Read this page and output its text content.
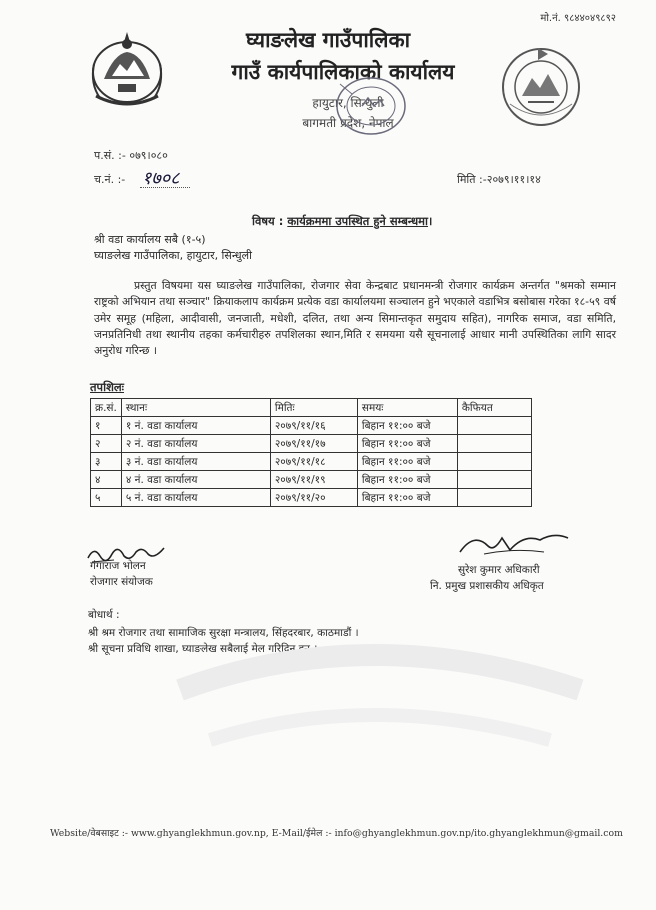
मो.नं. ९८४४०४९८९२
घ्याङलेख गाउँपालिका
गाउँ कार्यपालिकाको कार्यालय
हायुटार, सिन्धुली
बागमती प्रदेश, नेपाल
प.सं. :- ०७९।०८०
च.नं. :- १७०८	मिति :-२०७९।११।१४
विषय : कार्यक्रममा उपस्थित हुने सम्बन्धमा।
श्री वडा कार्यालय सबै (१-५)
घ्याङलेख गाउँपालिका, हायुटार, सिन्धुली
प्रस्तुत विषयमा यस घ्याङलेख गाउँपालिका, रोजगार सेवा केन्द्रबाट प्रधानमन्त्री रोजगार कार्यक्रम अन्तर्गत "श्रमको सम्मान राष्ट्रको अभियान तथा सञ्चार" क्रियाकलाप कार्यक्रम प्रत्येक वडा कार्यालयमा सञ्चालन हुने भएकाले वडाभित्र बसोबास गरेका १८-५९ वर्ष उमेर समूह (महिला, आदीवासी, जनजाती, मधेशी, दलित, तथा अन्य सिमान्तकृत समुदाय सहित), नागरिक समाज, वडा समिति, जनप्रतिनिधी तथा स्थानीय तहका कर्मचारीहरु तपशिलका स्थान,मिति र समयमा यसै सूचनालाई आधार मानी उपस्थितिका लागि सादर अनुरोध गरिन्छ ।
तपशिलः
क्र.सं.	स्थानः	मितिः	समयः	कैफियत
१	१ नं. वडा कार्यालय	२०७९/११/१६	बिहान ११:०० बजे	
२	२ नं. वडा कार्यालय	२०७९/११/१७	बिहान ११:०० बजे	
३	३ नं. वडा कार्यालय	२०७९/११/१८	बिहान ११:०० बजे	
४	४ नं. वडा कार्यालय	२०७९/११/१९	बिहान ११:०० बजे	
५	५ नं. वडा कार्यालय	२०७९/११/२०	बिहान ११:०० बजे	
गंगाराज भोलन
रोजगार संयोजक
सुरेश कुमार अधिकारी
नि. प्रमुख प्रशासकीय अधिकृत
बोधार्थ :
श्री श्रम रोजगार तथा सामाजिक सुरक्षा मन्त्रालय, सिंहदरबार, काठमाडौं ।
श्री सूचना प्रविधि शाखा, घ्याङलेख सबैलाई मेल गरिदिनु हुन ।
Website/वेबसाइट :- www.ghyanglekhmun.gov.np, E-Mail/ईमेल :- info@ghyanglekhmun.gov.np/ito.ghyanglekhmun@gmail.com
